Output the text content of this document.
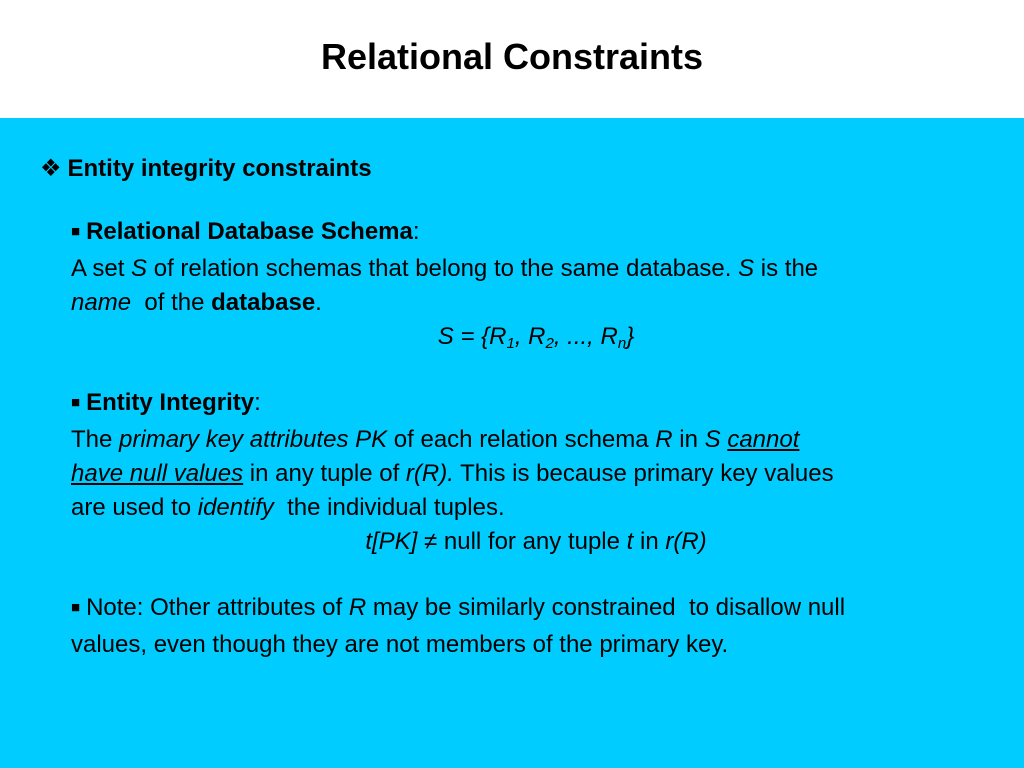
Relational Constraints
❖ Entity integrity constraints
■ Relational Database Schema:
A set S of relation schemas that belong to the same database. S is the
name  of the database.
$S = \{R_1$, $R_2$, ..., $R_n$}
■ Entity Integrity:
The primary key attributes PK of each relation schema R in S cannot
have null values in any tuple of r(R). This is because primary key values
are used to identify  the individual tuples.
t[PK] ≠ null for any tuple t in r(R)
■ Note: Other attributes of R may be similarly constrained  to disallow null
values, even though they are not members of the primary key.
